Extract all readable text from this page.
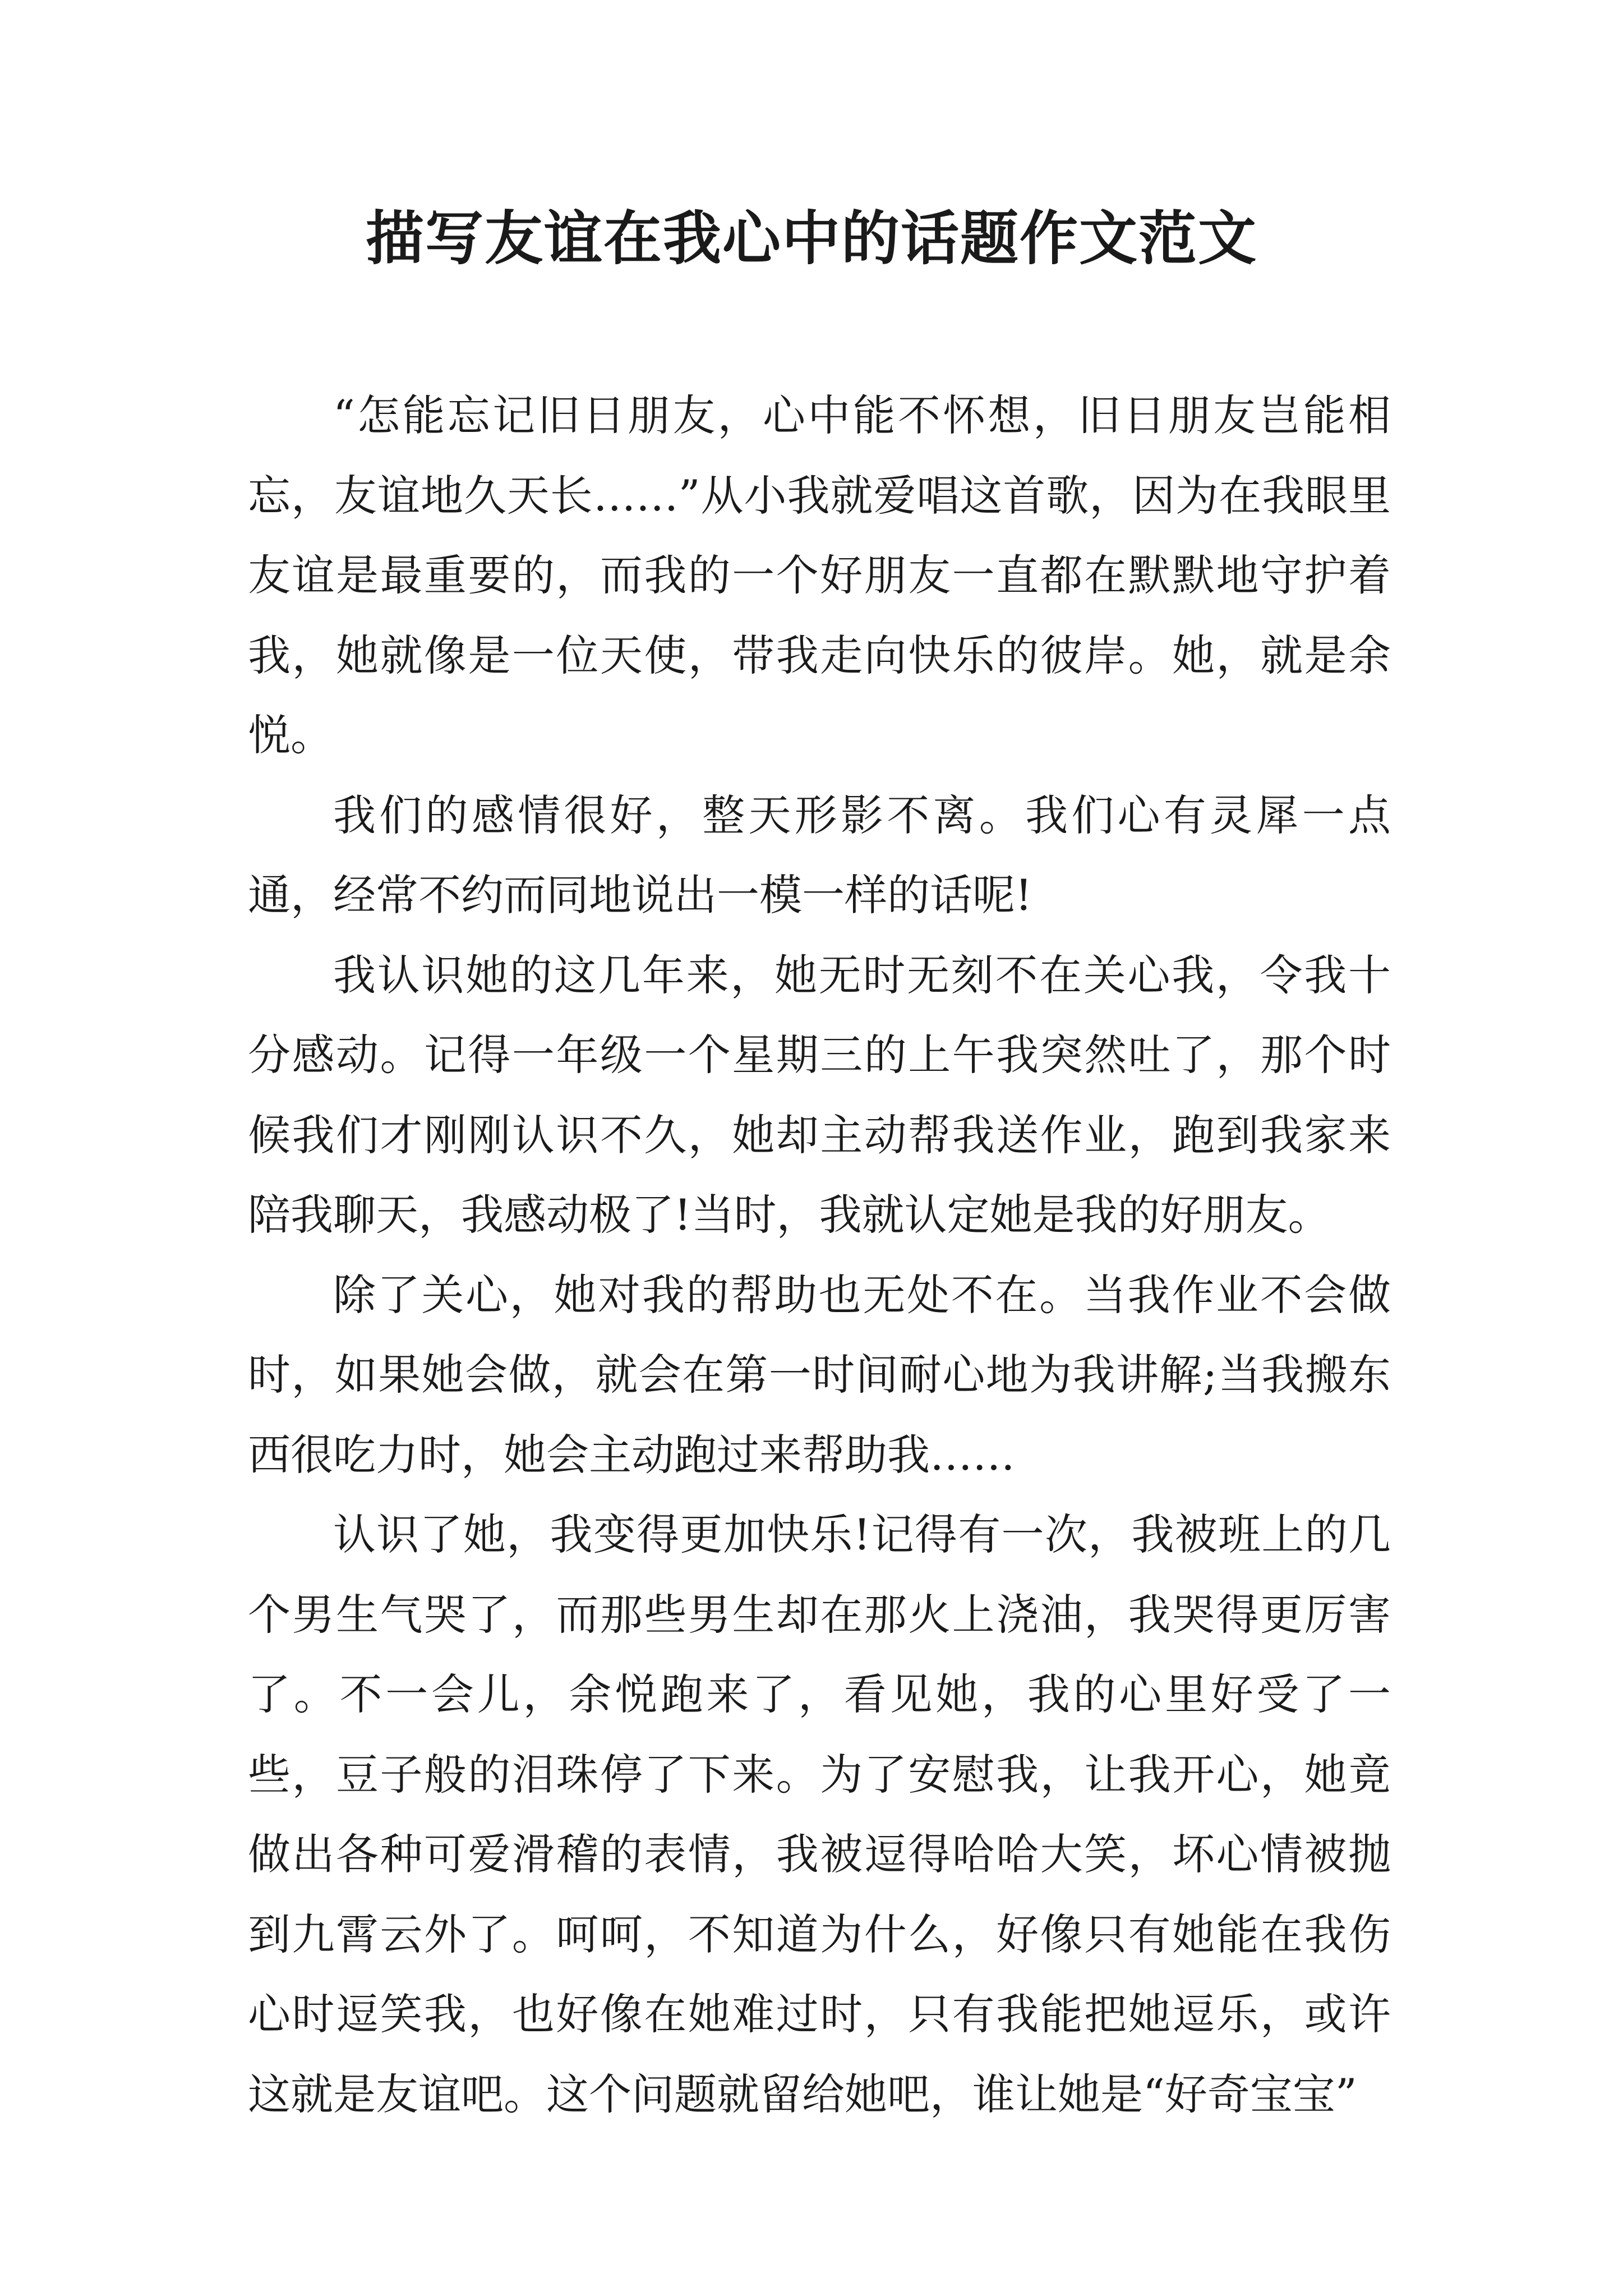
描写友谊在我心中的话题作文范文

“怎能忘记旧日朋友，心中能不怀想，旧日朋友岂能相忘，友谊地久天长……”从小我就爱唱这首歌，因为在我眼里友谊是最重要的，而我的一个好朋友一直都在默默地守护着我，她就像是一位天使，带我走向快乐的彼岸。她，就是余悦。

我们的感情很好，整天形影不离。我们心有灵犀一点通，经常不约而同地说出一模一样的话呢!

我认识她的这几年来，她无时无刻不在关心我，令我十分感动。记得一年级一个星期三的上午我突然吐了，那个时候我们才刚刚认识不久，她却主动帮我送作业，跑到我家来陪我聊天，我感动极了!当时，我就认定她是我的好朋友。

除了关心，她对我的帮助也无处不在。当我作业不会做时，如果她会做，就会在第一时间耐心地为我讲解;当我搬东西很吃力时，她会主动跑过来帮助我……

认识了她，我变得更加快乐!记得有一次，我被班上的几个男生气哭了，而那些男生却在那火上浇油，我哭得更厉害了。不一会儿，余悦跑来了，看见她，我的心里好受了一些，豆子般的泪珠停了下来。为了安慰我，让我开心，她竟做出各种可爱滑稽的表情，我被逗得哈哈大笑，坏心情被抛到九霄云外了。呵呵，不知道为什么，好像只有她能在我伤心时逗笑我，也好像在她难过时，只有我能把她逗乐，或许这就是友谊吧。这个问题就留给她吧，谁让她是“好奇宝宝”
